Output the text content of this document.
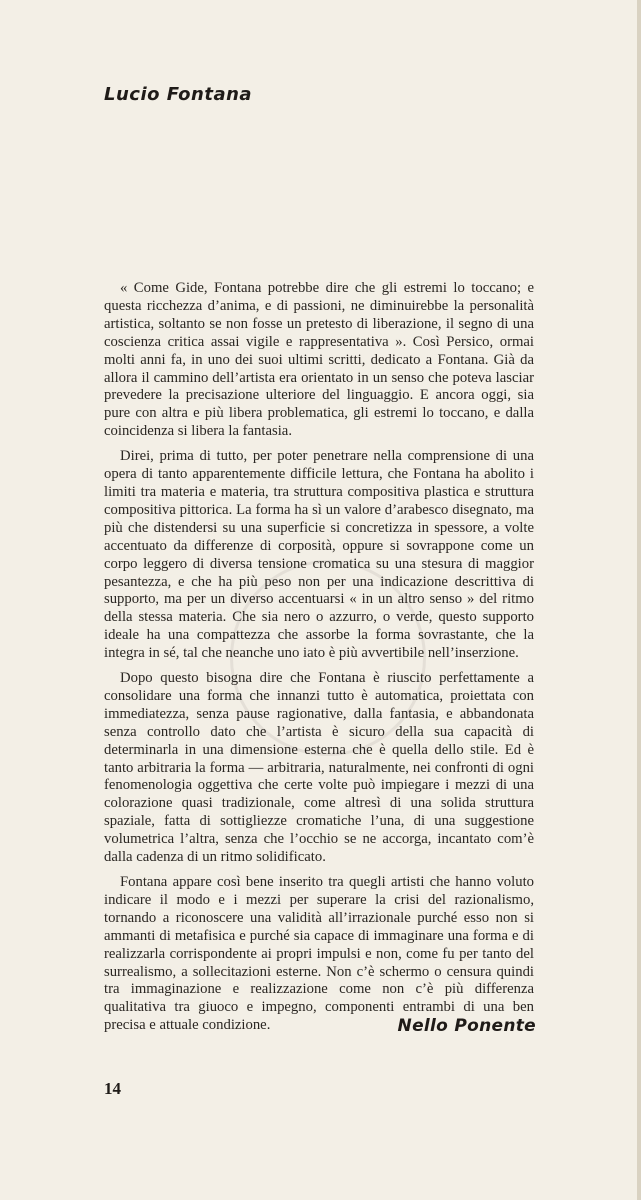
Lucio Fontana

« Come Gide, Fontana potrebbe dire che gli estremi lo toccano; e questa ricchezza d’anima, e di passioni, ne diminuirebbe la personalità artistica, soltanto se non fosse un pretesto di liberazione, il segno di una coscienza critica assai vigile e rappresentativa ». Così Persico, ormai molti anni fa, in uno dei suoi ultimi scritti, dedicato a Fontana. Già da allora il cammino dell’artista era orientato in un senso che poteva lasciar prevedere la precisazione ulteriore del linguaggio. E ancora oggi, sia pure con altra e più libera problematica, gli estremi lo toccano, e dalla coincidenza si libera la fantasia.

Direi, prima di tutto, per poter penetrare nella comprensione di una opera di tanto apparentemente difficile lettura, che Fontana ha abolito i limiti tra materia e materia, tra struttura compositiva plastica e struttura compositiva pittorica. La forma ha sì un valore d’arabesco disegnato, ma più che distendersi su una superficie si concretizza in spessore, a volte accentuato da differenze di corposità, oppure si sovrappone come un corpo leggero di diversa tensione cromatica su una stesura di maggior pesantezza, e che ha più peso non per una indicazione descrittiva di supporto, ma per un diverso accentuarsi « in un altro senso » del ritmo della stessa materia. Che sia nero o azzurro, o verde, questo supporto ideale ha una compattezza che assorbe la forma sovrastante, che la integra in sé, tal che neanche uno iato è più avvertibile nell’inserzione.

Dopo questo bisogna dire che Fontana è riuscito perfettamente a consolidare una forma che innanzi tutto è automatica, proiettata con immediatezza, senza pause ragionative, dalla fantasia, e abbandonata senza controllo dato che l’artista è sicuro della sua capacità di determinarla in una dimensione esterna che è quella dello stile. Ed è tanto arbitraria la forma — arbitraria, naturalmente, nei confronti di ogni fenomenologia oggettiva che certe volte può impiegare i mezzi di una colorazione quasi tradizionale, come altresì di una solida struttura spaziale, fatta di sottigliezze cromatiche l’una, di una suggestione volumetrica l’altra, senza che l’occhio se ne accorga, incantato com’è dalla cadenza di un ritmo solidificato.

Fontana appare così bene inserito tra quegli artisti che hanno voluto indicare il modo e i mezzi per superare la crisi del razionalismo, tornando a riconoscere una validità all’irrazionale purché esso non si ammanti di metafisica e purché sia capace di immaginare una forma e di realizzarla corrispondente ai propri impulsi e non, come fu per tanto del surrealismo, a sollecitazioni esterne. Non c’è schermo o censura quindi tra immaginazione e realizzazione come non c’è più differenza qualitativa tra giuoco e impegno, componenti entrambi di una ben precisa e attuale condizione.	Nello Ponente

14
